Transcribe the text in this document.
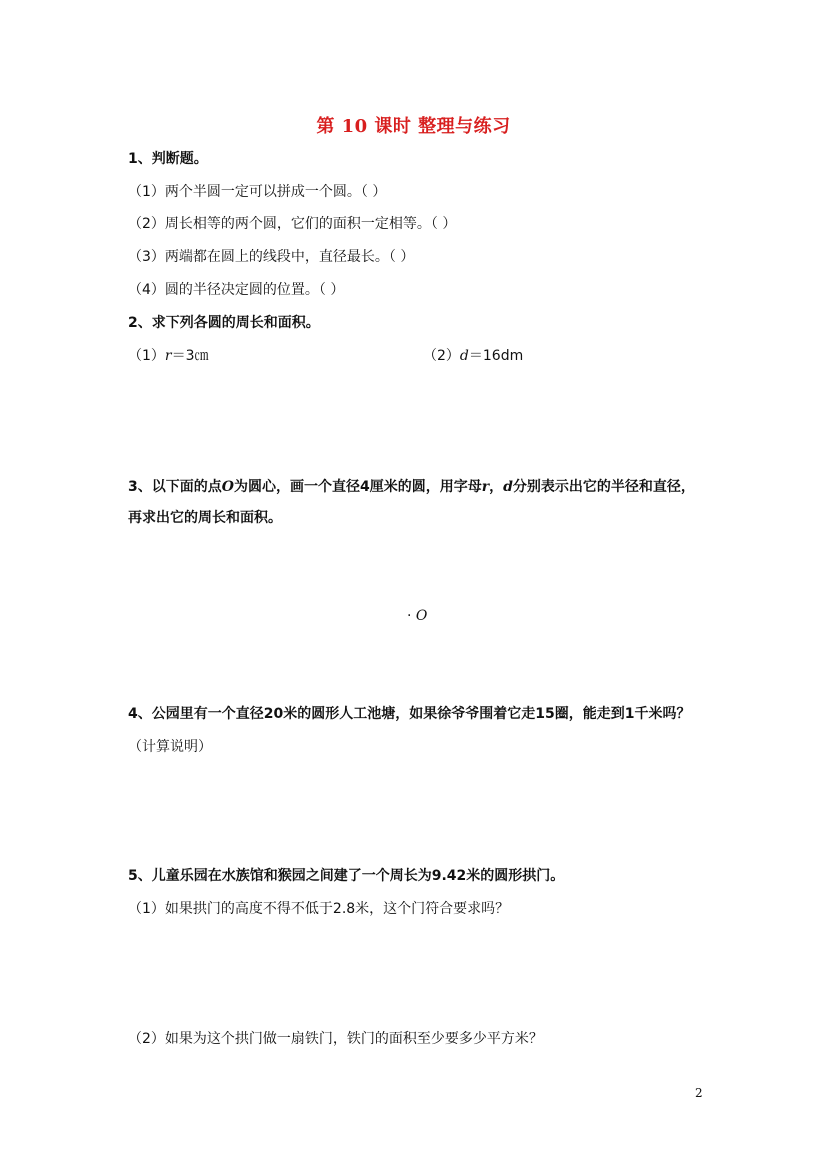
第 10 课时 整理与练习
1、判断题。
（1）两个半圆一定可以拼成一个圆。（ ）
（2）周长相等的两个圆，它们的面积一定相等。（ ）
（3）两端都在圆上的线段中，直径最长。（ ）
（4）圆的半径决定圆的位置。（ ）
2、求下列各圆的周长和面积。
（1）r＝3㎝	（2）d＝16dm
3、以下面的点O为圆心，画一个直径4厘米的圆，用字母r，d分别表示出它的半径和直径，
再求出它的周长和面积。
· O
4、公园里有一个直径20米的圆形人工池塘，如果徐爷爷围着它走15圈，能走到1千米吗？
（计算说明）
5、儿童乐园在水族馆和猴园之间建了一个周长为9.42米的圆形拱门。
（1）如果拱门的高度不得不低于2.8米，这个门符合要求吗？
（2）如果为这个拱门做一扇铁门，铁门的面积至少要多少平方米？
2
